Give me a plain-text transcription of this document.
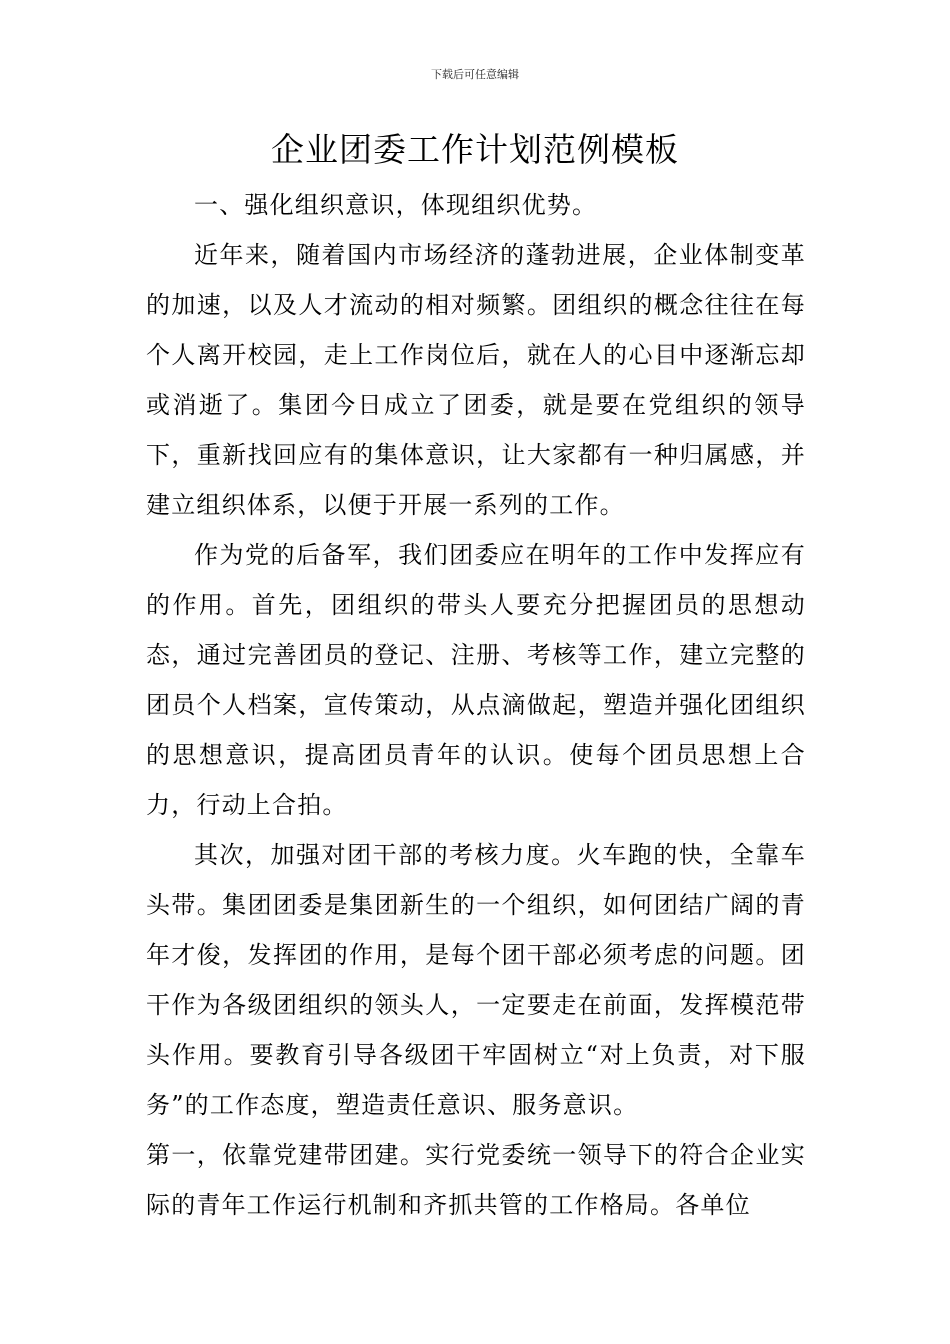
下载后可任意编辑
企业团委工作计划范例模板

一、强化组织意识，体现组织优势。

近年来，随着国内市场经济的蓬勃进展，企业体制变革的加速，以及人才流动的相对频繁。团组织的概念往往在每个人离开校园，走上工作岗位后，就在人的心目中逐渐忘却或消逝了。集团今日成立了团委，就是要在党组织的领导下，重新找回应有的集体意识，让大家都有一种归属感，并建立组织体系，以便于开展一系列的工作。

作为党的后备军，我们团委应在明年的工作中发挥应有的作用。首先，团组织的带头人要充分把握团员的思想动态，通过完善团员的登记、注册、考核等工作，建立完整的团员个人档案，宣传策动，从点滴做起，塑造并强化团组织的思想意识，提高团员青年的认识。使每个团员思想上合力，行动上合拍。

其次，加强对团干部的考核力度。火车跑的快，全靠车头带。集团团委是集团新生的一个组织，如何团结广阔的青年才俊，发挥团的作用，是每个团干部必须考虑的问题。团干作为各级团组织的领头人，一定要走在前面，发挥模范带头作用。要教育引导各级团干牢固树立“对上负责，对下服务”的工作态度，塑造责任意识、服务意识。

第一，依靠党建带团建。实行党委统一领导下的符合企业实际的青年工作运行机制和齐抓共管的工作格局。各单位
